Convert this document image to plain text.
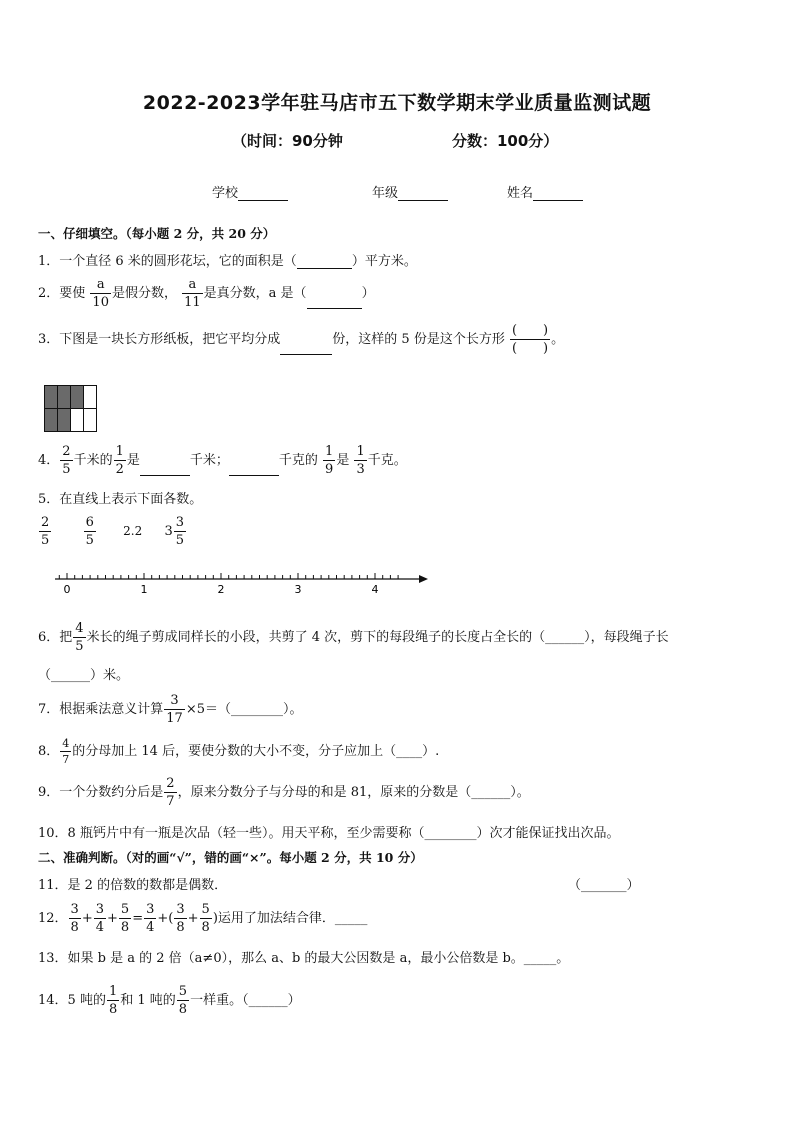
2022-2023学年驻马店市五下数学期末学业质量监测试题
（时间：90分钟	分数：100分）
学校	年级	姓名
一、仔细填空。（每小题 2 分，共 20 分）
1．一个直径 6 米的圆形花坛，它的面积是（	）平方米。
2．要使 $\frac{a}{10}$ 是假分数， $\frac{a}{11}$ 是真分数，a 是（	）
3．下图是一块长方形纸板，把它平均分成	份，这样的 5 份是这个长方形 $\frac{( )}{( )}$ 。

4． $\frac{2}{5}$ 千米的 $\frac{1}{2}$ 是	千米；	千克的 $\frac{1}{9}$ 是 $\frac{1}{3}$ 千克。
5．在直线上表示下面各数。
$\frac{2}{5}$
$\frac{6}{5} 2.2$ $3 \frac{3}{5}$
0	1	2	3	4
6．把 $\frac{4}{5}$ 米长的绳子剪成同样长的小段，共剪了 4 次，剪下的每段绳子的长度占全长的（______），每段绳子长
（______）米。
7．根据乘法意义计算 $\frac{3}{17}$ ×5＝（________）。
8． $\frac{4}{7}$ 的分母加上 14 后，要使分数的大小不变，分子应加上（____）.
9．一个分数约分后是 $\frac{2}{7}$ ，原来分数分子与分母的和是 81，原来的分数是（______）。
10．8 瓶钙片中有一瓶是次品（轻一些）。用天平称，至少需要称（________）次才能保证找出次品。
二、准确判断。（对的画“√”，错的画“×”。每小题 2 分，共 10 分）
11．是 2 的倍数的数都是偶数．	（_______）
12． $\frac{3}{8} + \frac{3}{4} + \frac{5}{8} = \frac{3}{4}$ +( $\frac{3}{8} + \frac{5}{8}$ )运用了加法结合律．_____
13．如果 b 是 a 的 2 倍（a≠0），那么 a、b 的最大公因数是 a，最小公倍数是 b。_____。
14．5 吨的 $\frac{1}{8}$ 和 1 吨的 $\frac{5}{8}$ 一样重。（______）
